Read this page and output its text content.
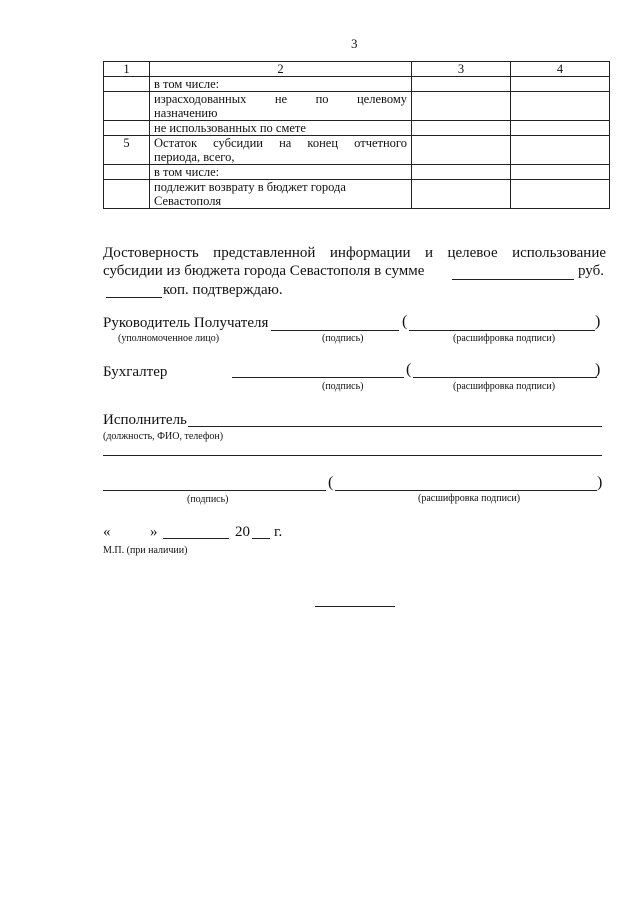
3
1	2	3	4
	в том числе:		
	израсходованных не по целевому
назначению		

	не использованных по смете		
5	Остаток субсидии на конец отчетного
периода, всего,		

	в том числе:		

	подлежит возврату в бюджет города
Севастополя		

Достоверность представленной информации и целевое использование
субсидии из бюджета города Севастополя в сумме	руб.
коп. подтверждаю.
Руководитель Получателя	(	)
(уполномоченное лицо)	(подпись)	(расшифровка подписи)
Бухгалтер	(	)
(подпись)	(расшифровка подписи)
Исполнитель
(должность, ФИО, телефон)
(	)
(подпись)	(расшифровка подписи)
«	»	20 г.
М.П. (при наличии)
